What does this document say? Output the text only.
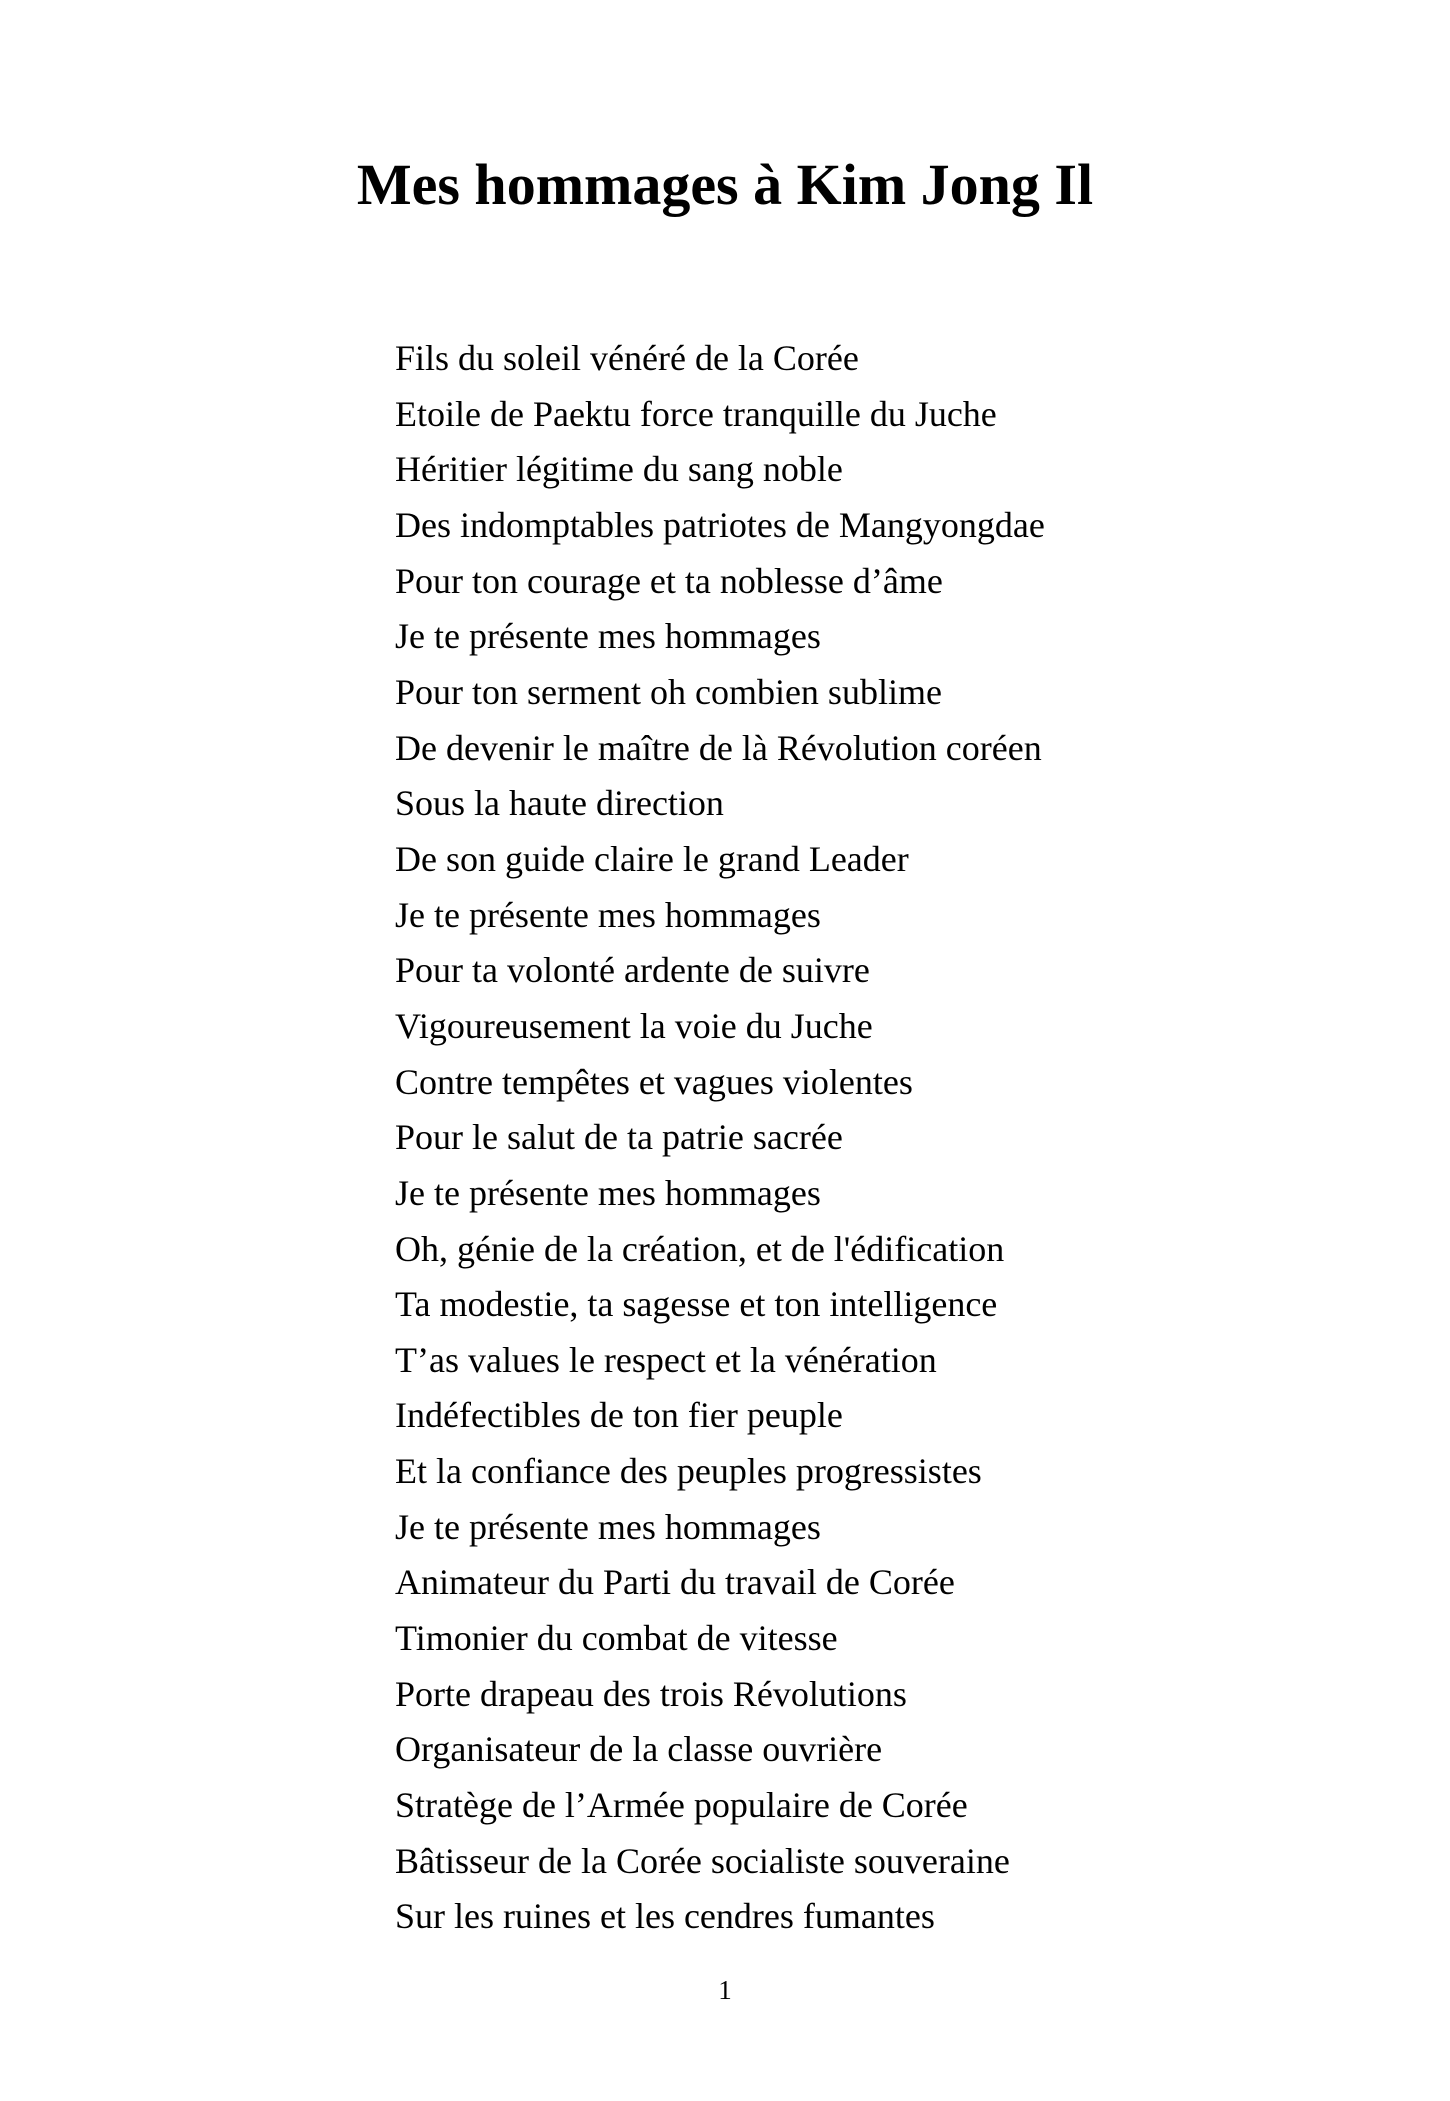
Mes hommages à Kim Jong Il
Fils du soleil vénéré de la Corée
Etoile de Paektu force tranquille du Juche
Héritier légitime du sang noble
Des indomptables patriotes de Mangyongdae
Pour ton courage et ta noblesse d’âme
Je te présente mes hommages
Pour ton serment oh combien sublime
De devenir le maître de là Révolution coréen
Sous la haute direction
De son guide claire le grand Leader
Je te présente mes hommages
Pour ta volonté ardente de suivre
Vigoureusement la voie du Juche
Contre tempêtes et vagues violentes
Pour le salut de ta patrie sacrée
Je te présente mes hommages
Oh, génie de la création, et de l'édification
Ta modestie, ta sagesse et ton intelligence
T’as values le respect et la vénération
Indéfectibles de ton fier peuple
Et la confiance des peuples progressistes
Je te présente mes hommages
Animateur du Parti du travail de Corée
Timonier du combat de vitesse
Porte drapeau des trois Révolutions
Organisateur de la classe ouvrière
Stratège de l’Armée populaire de Corée
Bâtisseur de la Corée socialiste souveraine
Sur les ruines et les cendres fumantes
1
